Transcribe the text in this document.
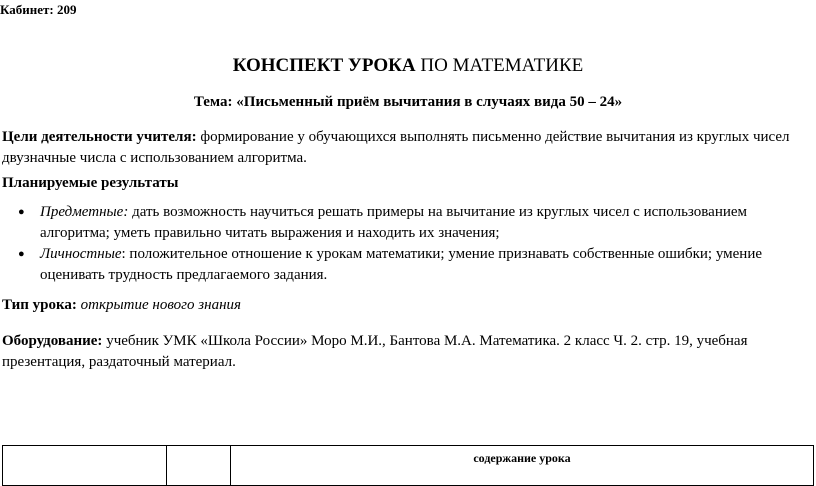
Кабинет: 209
КОНСПЕКТ УРОКА ПО МАТЕМАТИКЕ
Тема: «Письменный приём вычитания в случаях вида 50 – 24»
Цели деятельности учителя: формирование у обучающихся выполнять письменно действие вычитания из круглых чисел двузначные числа с использованием алгоритма.
Планируемые результаты
● Предметные: дать возможность научиться решать примеры на вычитание из круглых чисел с использованием алгоритма; уметь правильно читать выражения и находить их значения;
● Личностные: положительное отношение к урокам математики; умение признавать собственные ошибки; умение оценивать трудность предлагаемого задания.
Тип урока: открытие нового знания
Оборудование: учебник УМК «Школа России» Моро М.И., Бантова М.А. Математика. 2 класс Ч. 2. стр. 19, учебная презентация, раздаточный материал.
		содержание урока
